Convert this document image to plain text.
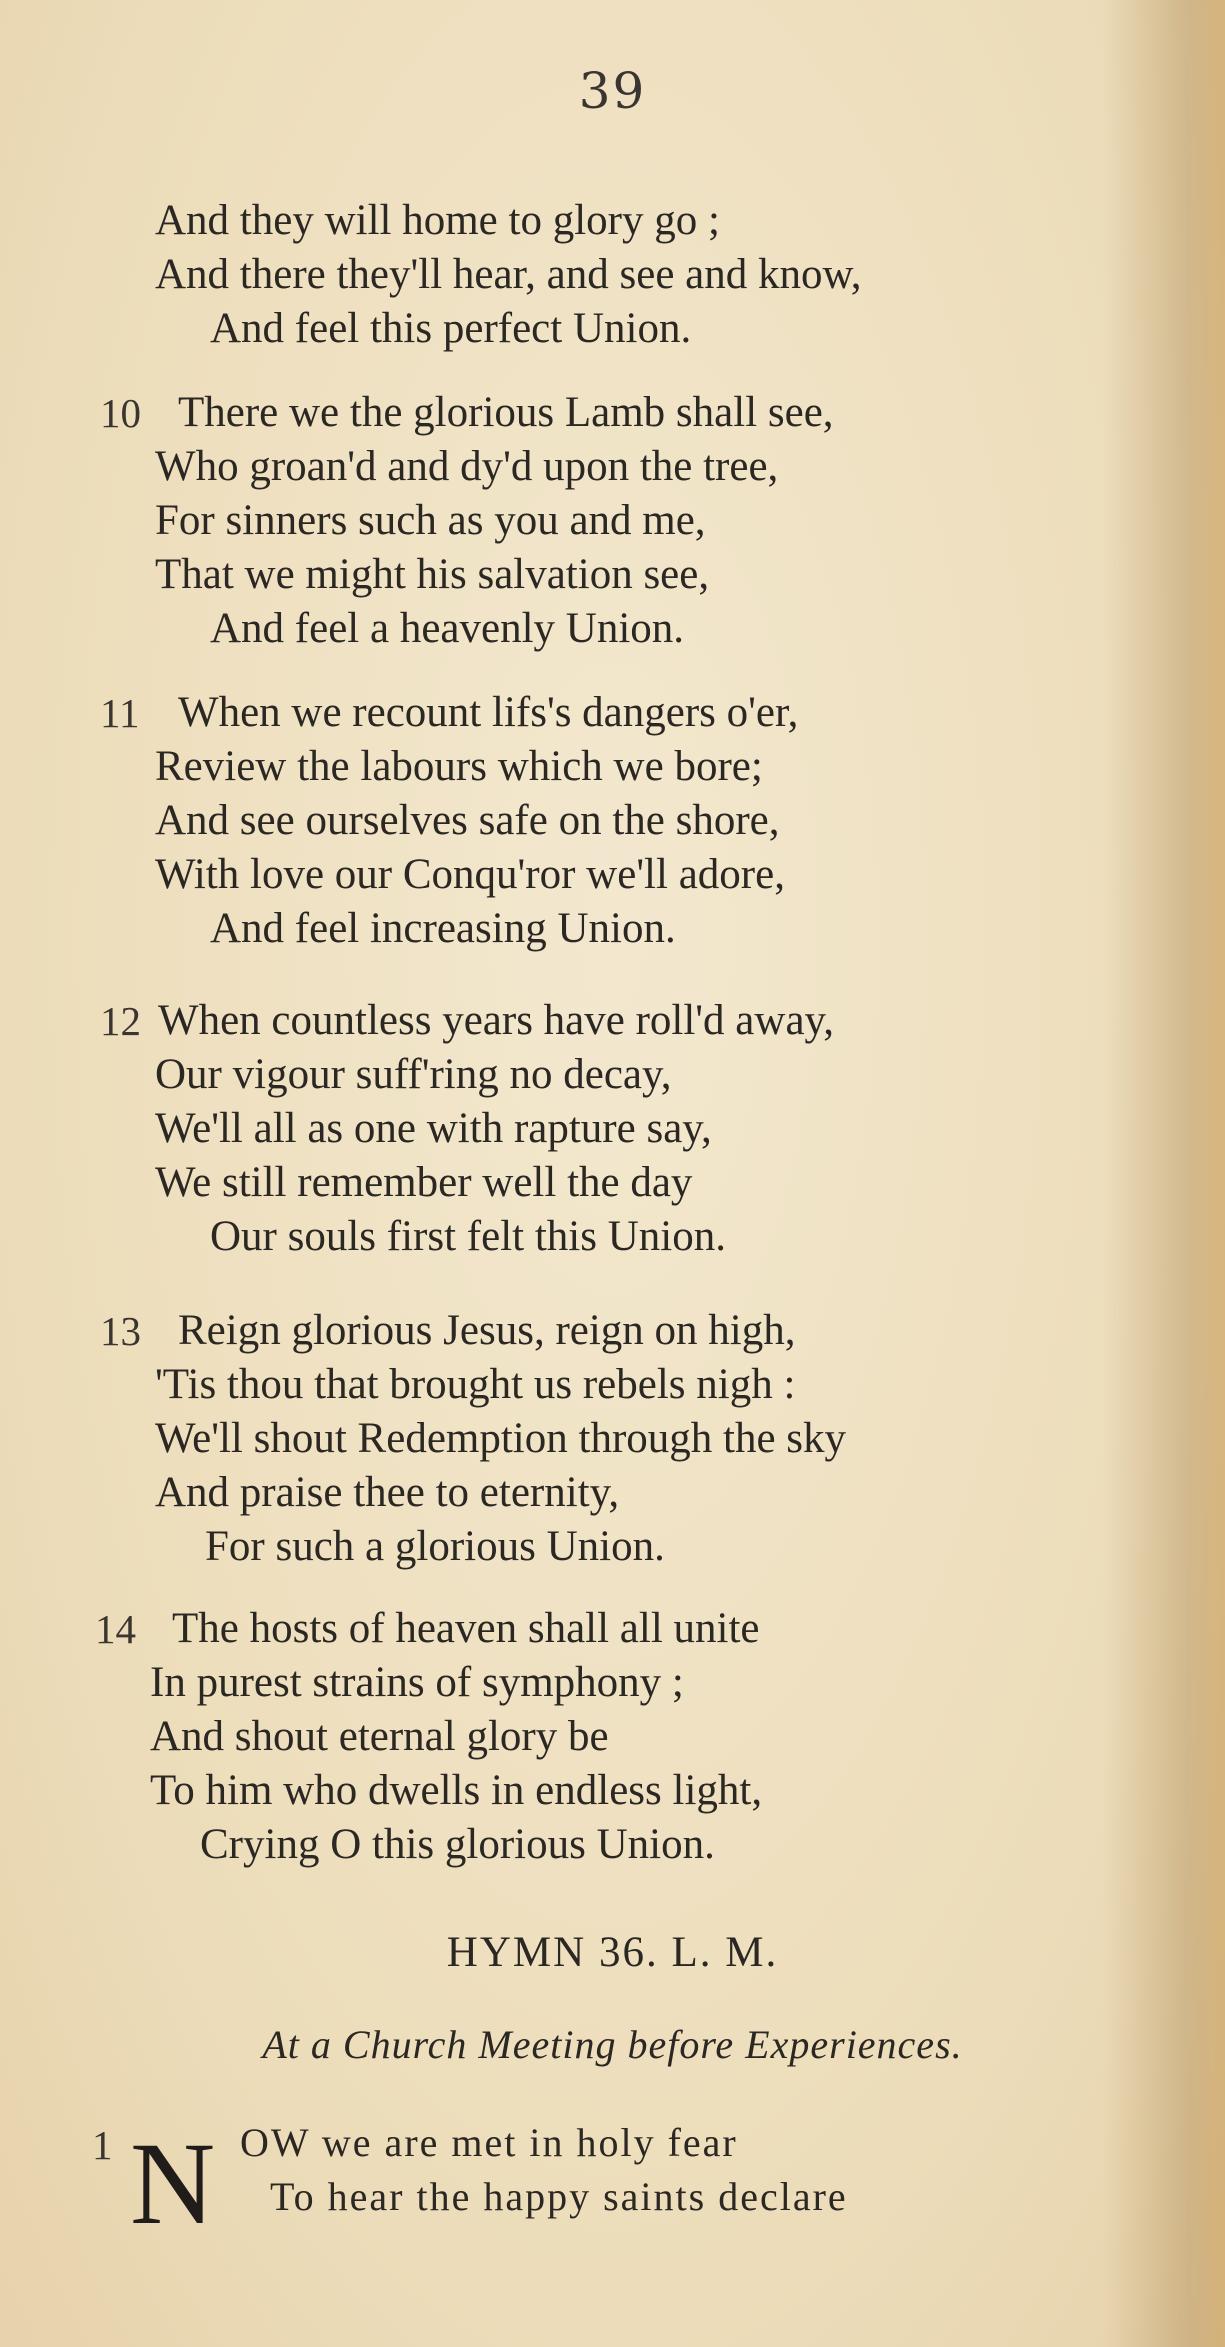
39
And they will home to glory go ;
And there they'll hear, and see and know,
And feel this perfect Union.
10 There we the glorious Lamb shall see,
Who groan'd and dy'd upon the tree,
For sinners such as you and me,
That we might his salvation see,
And feel a heavenly Union.
11 When we recount lifs's dangers o'er,
Review the labours which we bore;
And see ourselves safe on the shore,
With love our Conqu'ror we'll adore,
And feel increasing Union.
12 When countless years have roll'd away,
Our vigour suff'ring no decay,
We'll all as one with rapture say,
We still remember well the day
Our souls first felt this Union.
13 Reign glorious Jesus, reign on high,
'Tis thou that brought us rebels nigh :
We'll shout Redemption through the sky
And praise thee to eternity,
For such a glorious Union.
14 The hosts of heaven shall all unite
In purest strains of symphony ;
And shout eternal glory be
To him who dwells in endless light,
Crying O this glorious Union.
HYMN 36. L. M.
At a Church Meeting before Experiences.
1 N OW we are met in holy fear
To hear the happy saints declare
